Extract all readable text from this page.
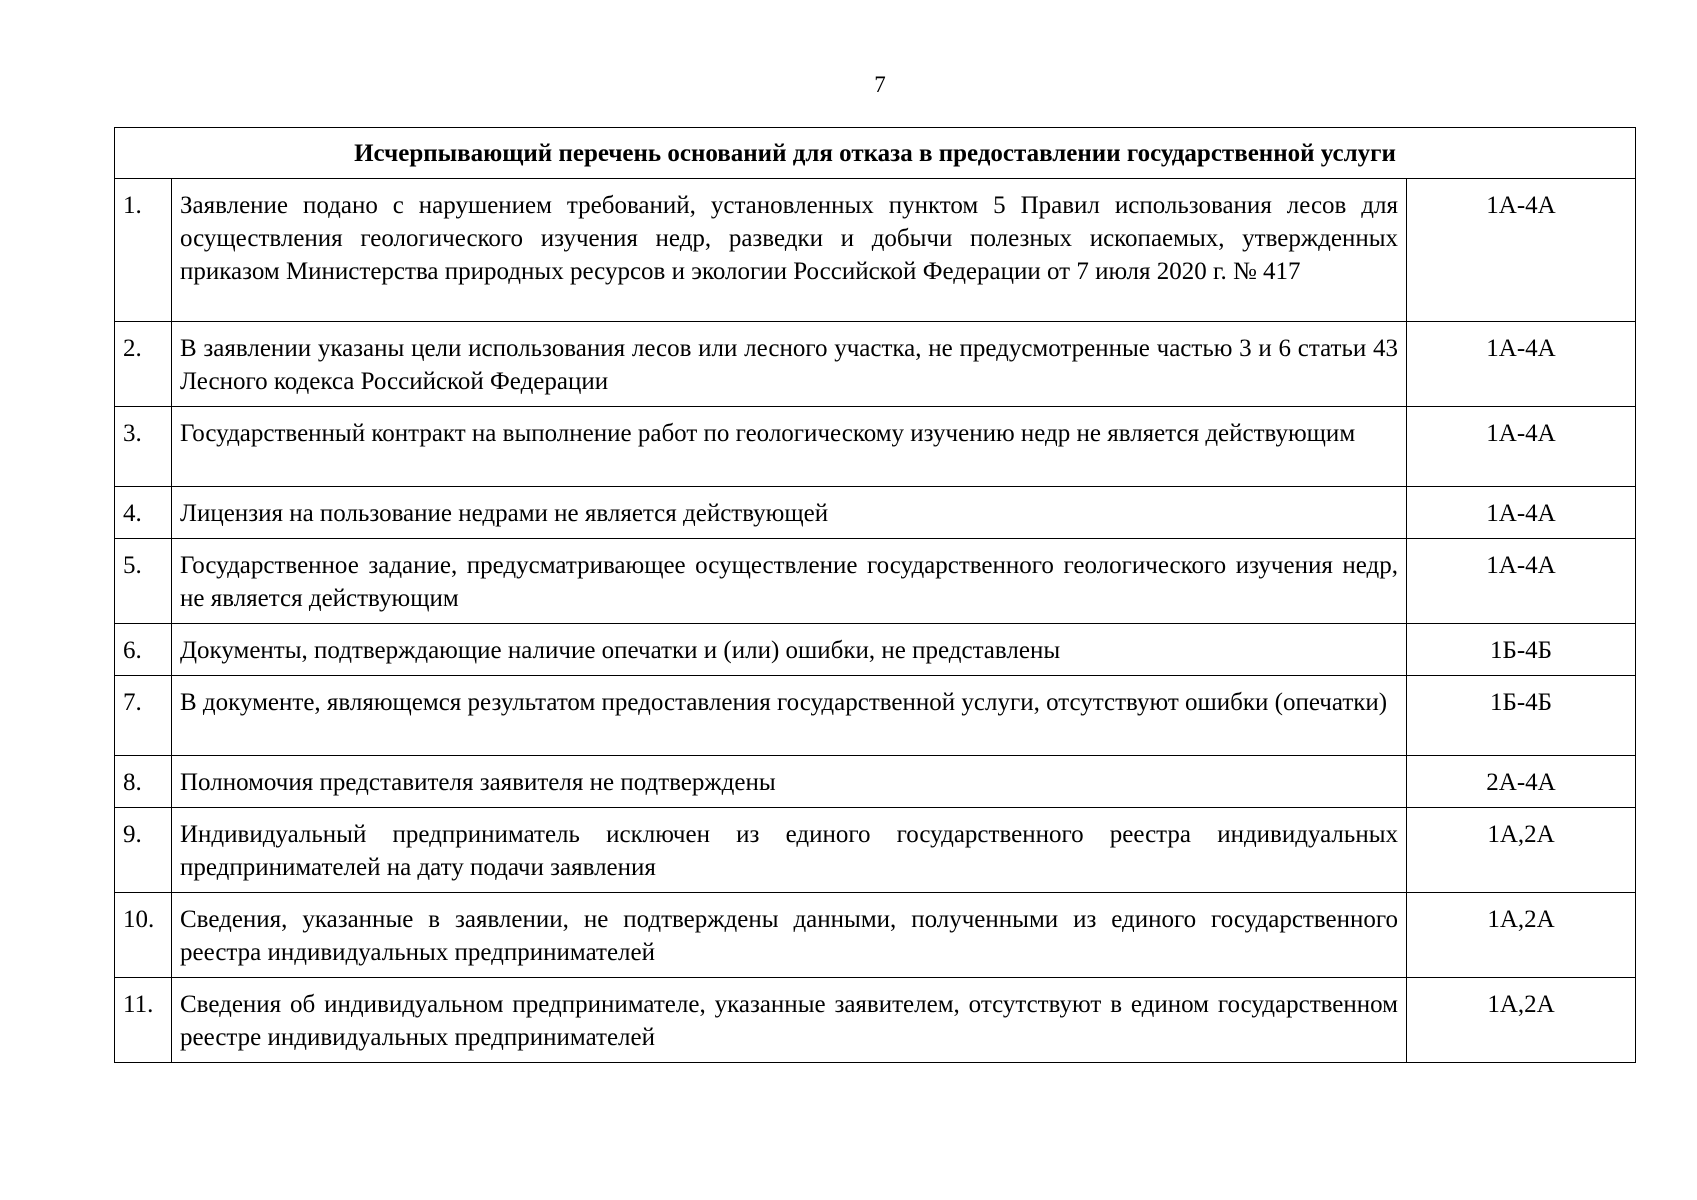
7
Исчерпывающий перечень оснований для отказа в предоставлении государственной услуги		
1.	Заявление подано с нарушением требований, установленных пунктом 5 Правил использования лесов для осуществления геологического изучения недр, разведки и добычи полезных ископаемых, утвержденных приказом Министерства природных ресурсов и экологии Российской Федерации от 7 июля 2020 г. № 417	1А-4А
2.	В заявлении указаны цели использования лесов или лесного участка, не предусмотренные частью 3 и 6 статьи 43 Лесного кодекса Российской Федерации	1А-4А
3.	Государственный контракт на выполнение работ по геологическому изучению недр не является действующим	1А-4А
4.	Лицензия на пользование недрами не является действующей	1А-4А
5.	Государственное задание, предусматривающее осуществление государственного геологического изучения недр, не является действующим	1А-4А
6.	Документы, подтверждающие наличие опечатки и (или) ошибки, не представлены	1Б-4Б
7.	В документе, являющемся результатом предоставления государственной услуги, отсутствуют ошибки (опечатки)	1Б-4Б
8.	Полномочия представителя заявителя не подтверждены	2А-4А
9.	Индивидуальный предприниматель исключен из единого государственного реестра индивидуальных предпринимателей на дату подачи заявления	1А,2А
10.	Сведения, указанные в заявлении, не подтверждены данными, полученными из единого государственного реестра индивидуальных предпринимателей	1А,2А
11.	Сведения об индивидуальном предпринимателе, указанные заявителем, отсутствуют в едином государственном реестре индивидуальных предпринимателей	1А,2А
